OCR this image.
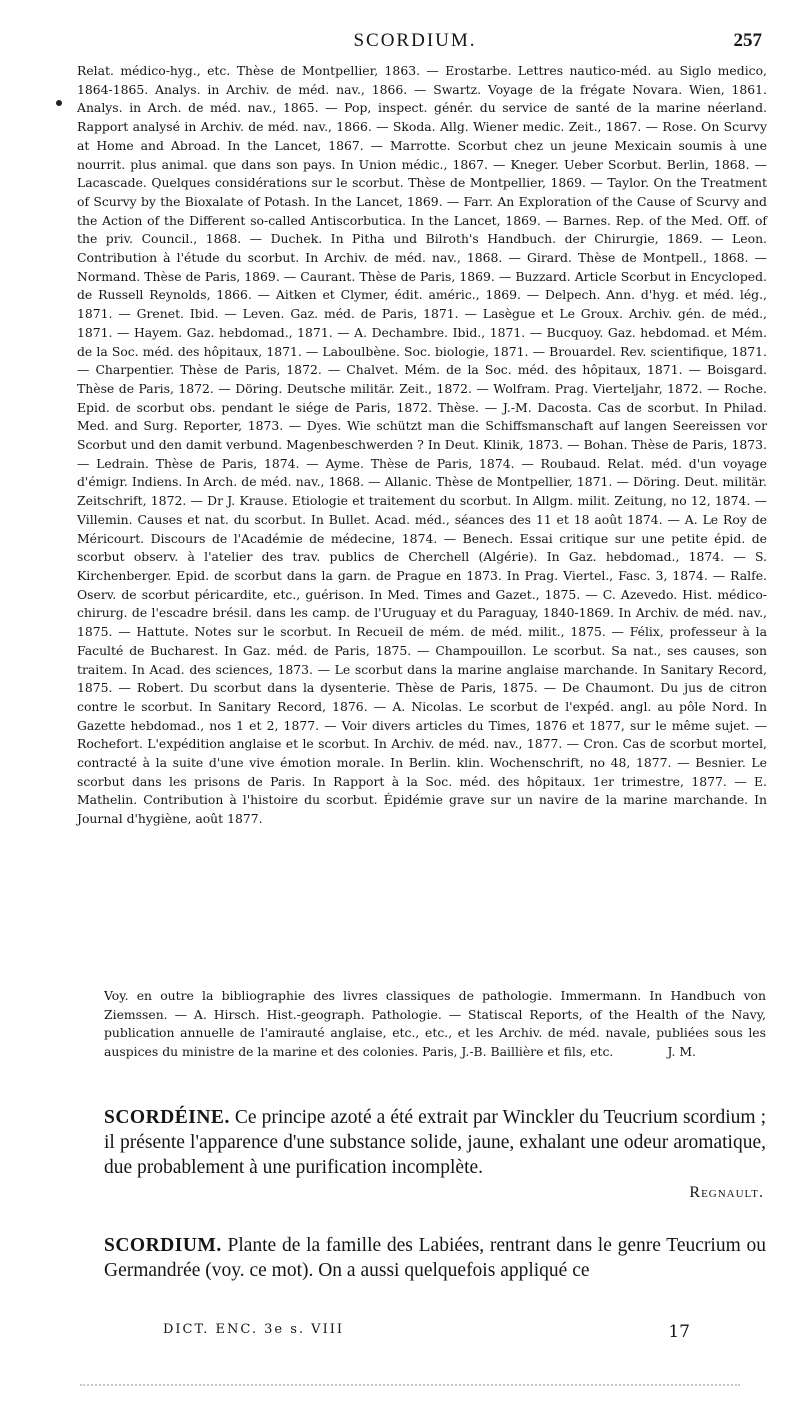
SCORDIUM.	257

Relat. médico-hyg., etc. Thèse de Montpellier, 1863. — Erostarbe. Lettres nautico-méd. au Siglo medico, 1864-1865. Analys. in Archiv. de méd. nav., 1866. — Swartz. Voyage de la frégate Novara. Wien, 1861. Analys. in Arch. de méd. nav., 1865. — Pop, inspect. génér. du service de santé de la marine néerland. Rapport analysé in Archiv. de méd. nav., 1866. — Skoda. Allg. Wiener medic. Zeit., 1867. — Rose. On Scurvy at Home and Abroad. In the Lancet, 1867. — Marrotte. Scorbut chez un jeune Mexicain soumis à une nourrit. plus animal. que dans son pays. In Union médic., 1867. — Kneger. Ueber Scorbut. Berlin, 1868. — Lacascade. Quelques considérations sur le scorbut. Thèse de Montpellier, 1869. — Taylor. On the Treatment of Scurvy by the Bioxalate of Potash. In the Lancet, 1869. — Farr. An Exploration of the Cause of Scurvy and the Action of the Different so-called Antiscorbutica. In the Lancet, 1869. — Barnes. Rep. of the Med. Off. of the priv. Council., 1868. — Duchek. In Pitha und Bilroth's Handbuch. der Chirurgie, 1869. — Leon. Contribution à l'étude du scorbut. In Archiv. de méd. nav., 1868. — Girard. Thèse de Montpell., 1868. — Normand. Thèse de Paris, 1869. — Caurant. Thèse de Paris, 1869. — Buzzard. Article Scorbut in Encycloped. de Russell Reynolds, 1866. — Aitken et Clymer, édit. améric., 1869. — Delpech. Ann. d'hyg. et méd. lég., 1871. — Grenet. Ibid. — Leven. Gaz. méd. de Paris, 1871. — Lasègue et Le Groux. Archiv. gén. de méd., 1871. — Hayem. Gaz. hebdomad., 1871. — A. Dechambre. Ibid., 1871. — Bucquoy. Gaz. hebdomad. et Mém. de la Soc. méd. des hôpitaux, 1871. — Laboulbène. Soc. biologie, 1871. — Brouardel. Rev. scientifique, 1871. — Charpentier. Thèse de Paris, 1872. — Chalvet. Mém. de la Soc. méd. des hôpitaux, 1871. — Boisgard. Thèse de Paris, 1872. — Döring. Deutsche militär. Zeit., 1872. — Wolfram. Prag. Vierteljahr, 1872. — Roche. Epid. de scorbut obs. pendant le siége de Paris, 1872. Thèse. — J.-M. Dacosta. Cas de scorbut. In Philad. Med. and Surg. Reporter, 1873. — Dyes. Wie schützt man die Schiffsmanschaft auf langen Seereissen vor Scorbut und den damit verbund. Magenbeschwerden ? In Deut. Klinik, 1873. — Bohan. Thèse de Paris, 1873. — Ledrain. Thèse de Paris, 1874. — Ayme. Thèse de Paris, 1874. — Roubaud. Relat. méd. d'un voyage d'émigr. Indiens. In Arch. de méd. nav., 1868. — Allanic. Thèse de Montpellier, 1871. — Döring. Deut. militär. Zeitschrift, 1872. — Dr J. Krause. Etiologie et traitement du scorbut. In Allgm. milit. Zeitung, no 12, 1874. — Villemin. Causes et nat. du scorbut. In Bullet. Acad. méd., séances des 11 et 18 août 1874. — A. Le Roy de Méricourt. Discours de l'Académie de médecine, 1874. — Benech. Essai critique sur une petite épid. de scorbut observ. à l'atelier des trav. publics de Cherchell (Algérie). In Gaz. hebdomad., 1874. — S. Kirchenberger. Epid. de scorbut dans la garn. de Prague en 1873. In Prag. Viertel., Fasc. 3, 1874. — Ralfe. Oserv. de scorbut péricardite, etc., guérison. In Med. Times and Gazet., 1875. — C. Azevedo. Hist. médico-chirurg. de l'escadre brésil. dans les camp. de l'Uruguay et du Paraguay, 1840-1869. In Archiv. de méd. nav., 1875. — Hattute. Notes sur le scorbut. In Recueil de mém. de méd. milit., 1875. — Félix, professeur à la Faculté de Bucharest. In Gaz. méd. de Paris, 1875. — Champouillon. Le scorbut. Sa nat., ses causes, son traitem. In Acad. des sciences, 1873. — Le scorbut dans la marine anglaise marchande. In Sanitary Record, 1875. — Robert. Du scorbut dans la dysenterie. Thèse de Paris, 1875. — De Chaumont. Du jus de citron contre le scorbut. In Sanitary Record, 1876. — A. Nicolas. Le scorbut de l'expéd. angl. au pôle Nord. In Gazette hebdomad., nos 1 et 2, 1877. — Voir divers articles du Times, 1876 et 1877, sur le même sujet. — Rochefort. L'expédition anglaise et le scorbut. In Archiv. de méd. nav., 1877. — Cron. Cas de scorbut mortel, contracté à la suite d'une vive émotion morale. In Berlin. klin. Wochenschrift, no 48, 1877. — Besnier. Le scorbut dans les prisons de Paris. In Rapport à la Soc. méd. des hôpitaux. 1er trimestre, 1877. — E. Mathelin. Contribution à l'histoire du scorbut. Épidémie grave sur un navire de la marine marchande. In Journal d'hygiène, août 1877.

Voy. en outre la bibliographie des livres classiques de pathologie. Immermann. In Handbuch von Ziemssen. — A. Hirsch. Hist.-geograph. Pathologie. — Statiscal Reports, of the Health of the Navy, publication annuelle de l'amirauté anglaise, etc., etc., et les Archiv. de méd. navale, publiées sous les auspices du ministre de la marine et des colonies. Paris, J.-B. Baillière et fils, etc.	J. M.

SCORDÉINE. Ce principe azoté a été extrait par Winckler du Teucrium scordium ; il présente l'apparence d'une substance solide, jaune, exhalant une odeur aromatique, due probablement à une purification incomplète.

Regnault.

SCORDIUM. Plante de la famille des Labiées, rentrant dans le genre Teucrium ou Germandrée (voy. ce mot). On a aussi quelquefois appliqué ce

DICT. ENC. 3e s. VIII	17
